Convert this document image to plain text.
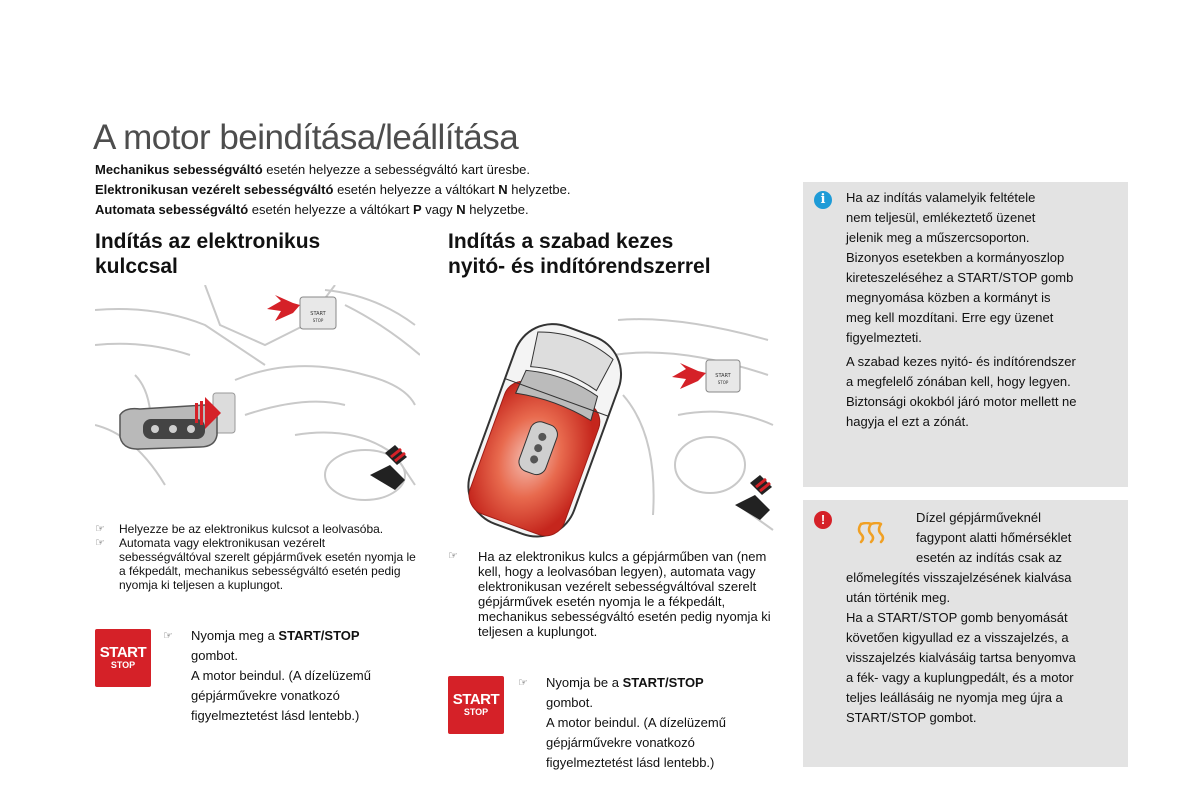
A motor beindítása/leállítása
Mechanikus sebességváltó esetén helyezze a sebességváltó kart üresbe.
Elektronikusan vezérelt sebességváltó esetén helyezze a váltókart N helyzetbe.
Automata sebességváltó esetén helyezze a váltókart P vagy N helyzetbe.
Indítás az elektronikus
kulccsal
START
STOP
☞	Helyezze be az elektronikus kulcsot a leolvasóba.
☞	Automata vagy elektronikusan vezérelt sebességváltóval szerelt gépjárművek esetén nyomja le a fékpedált, mechanikus sebességváltó esetén pedig nyomja ki teljesen a kuplungot.
START
STOP
☞	Nyomja meg a START/STOP
gombot.
A motor beindul. (A dízelüzemű
gépjárművekre vonatkozó
figyelmeztetést lásd lentebb.)
Indítás a szabad kezes
nyitó- és indítórendszerrel
START
STOP
☞	Ha az elektronikus kulcs a gépjárműben van (nem kell, hogy a leolvasóban legyen), automata vagy elektronikusan vezérelt sebességváltóval szerelt gépjárművek esetén nyomja le a fékpedált, mechanikus sebességváltó esetén pedig nyomja ki teljesen a kuplungot.
START
STOP
☞	Nyomja be a START/STOP
gombot.
A motor beindul. (A dízelüzemű
gépjárművekre vonatkozó
figyelmeztetést lásd lentebb.)
i	Ha az indítás valamelyik feltétele
nem teljesül, emlékeztető üzenet
jelenik meg a műszercsoporton.
Bizonyos esetekben a kormányoszlop
kireteszeléséhez a START/STOP gomb
megnyomása közben a kormányt is
meg kell mozdítani. Erre egy üzenet
figyelmezteti.
A szabad kezes nyitó- és indítórendszer
a megfelelő zónában kell, hogy legyen.
Biztonsági okokból járó motor mellett ne
hagyja el ezt a zónát.
!	Dízel gépjárműveknél
fagypont alatti hőmérséklet
esetén az indítás csak az
előmelegítés visszajelzésének kialvása
után történik meg.
Ha a START/STOP gomb benyomását
követően kigyullad ez a visszajelzés, a
visszajelzés kialvásáig tartsa benyomva
a fék- vagy a kuplungpedált, és a motor
teljes leállásáig ne nyomja meg újra a
START/STOP gombot.
